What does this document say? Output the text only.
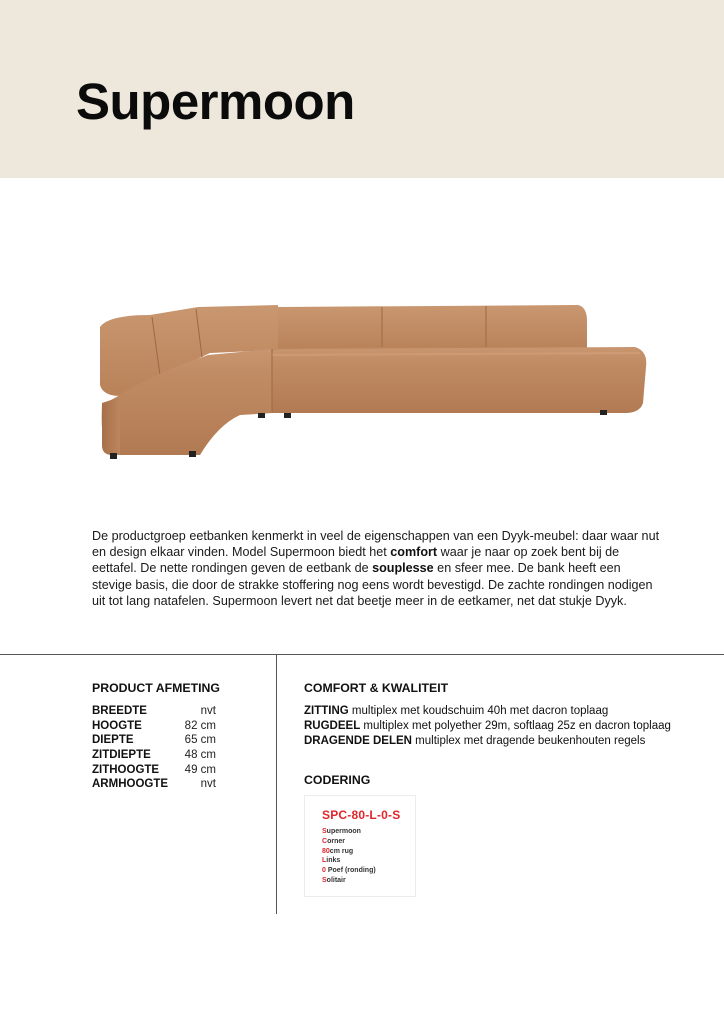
Supermoon

De productgroep eetbanken kenmerkt in veel de eigenschappen van een Dyyk-meubel: daar waar nut en design elkaar vinden. Model Supermoon biedt het comfort waar je naar op zoek bent bij de eettafel. De nette rondingen geven de eetbank de souplesse en sfeer mee. De bank heeft een stevige basis, die door de strakke stoffering nog eens wordt bevestigd. De zachte rondingen nodigen uit tot lang natafelen. Supermoon levert net dat beetje meer in de eetkamer, net dat stukje Dyyk.

PRODUCT AFMETING
BREEDTE	nvt
HOOGTE	82 cm
DIEPTE	65 cm
ZITDIEPTE	48 cm
ZITHOOGTE 49 cm
ARMHOOGTE	nvt
COMFORT & KWALITEIT
ZITTING multiplex met koudschuim 40h met dacron toplaag
RUGDEEL multiplex met polyether 29m, softlaag 25z en dacron toplaag
DRAGENDE DELEN multiplex met dragende beukenhouten regels
CODERING

SPC-80-L-0-S

Supermoon
Corner
80cm rug
Links
0 Poef (ronding)
Solitair
